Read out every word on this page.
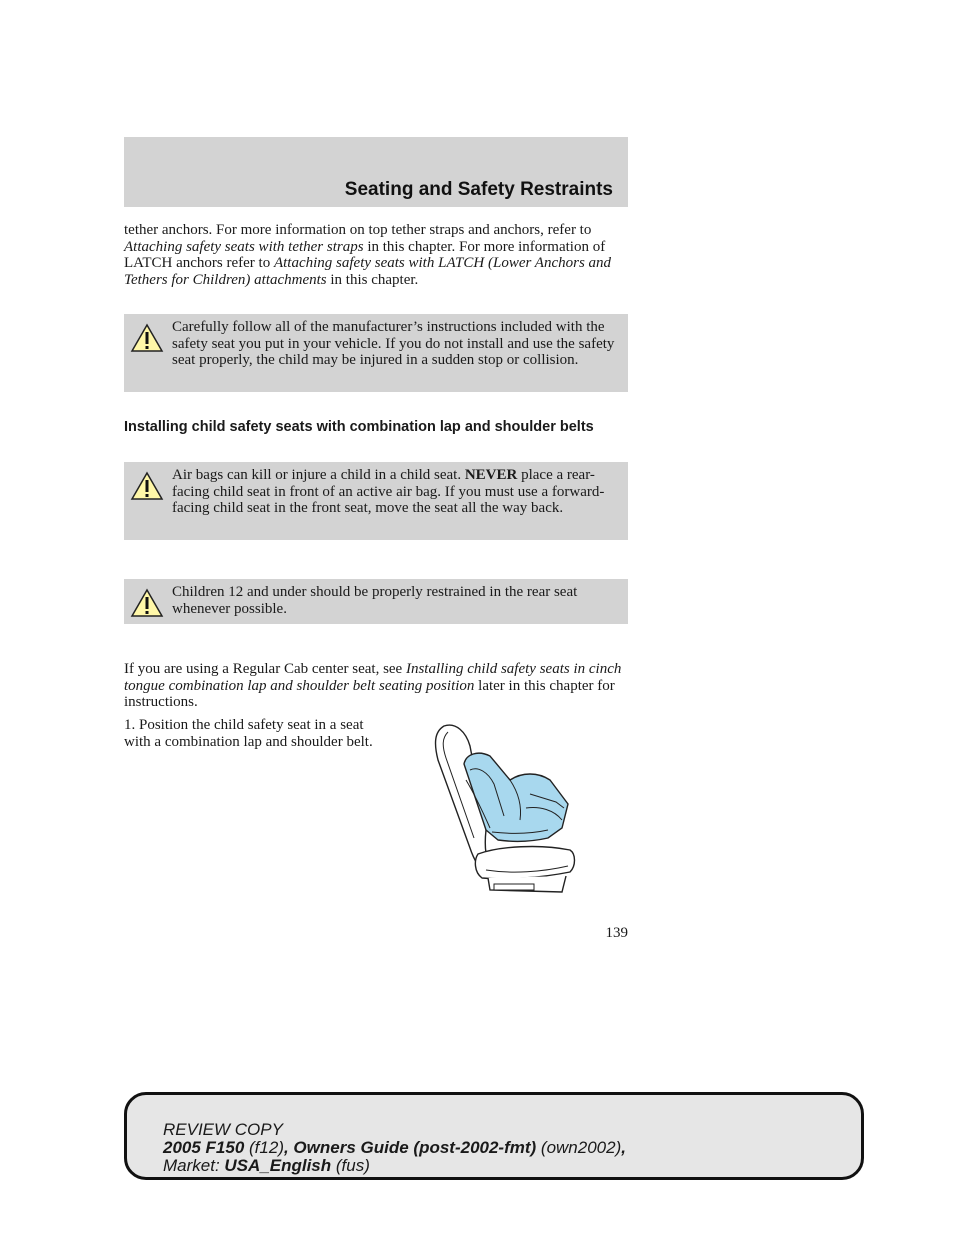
Seating and Safety Restraints

tether anchors. For more information on top tether straps and anchors, refer to Attaching safety seats with tether straps in this chapter. For more information of LATCH anchors refer to Attaching safety seats with LATCH (Lower Anchors and Tethers for Children) attachments in this chapter.

Carefully follow all of the manufacturer’s instructions included with the safety seat you put in your vehicle. If you do not install and use the safety seat properly, the child may be injured in a sudden stop or collision.
Installing child safety seats with combination lap and shoulder belts
Air bags can kill or injure a child in a child seat. NEVER place a rear-facing child seat in front of an active air bag. If you must use a forward-facing child seat in the front seat, move the seat all the way back.
Children 12 and under should be properly restrained in the rear seat whenever possible.

If you are using a Regular Cab center seat, see Installing child safety seats in cinch tongue combination lap and shoulder belt seating position later in this chapter for instructions.

1. Position the child safety seat in a seat with a combination lap and shoulder belt.

139
REVIEW COPY
2005 F150 (f12), Owners Guide (post-2002-fmt) (own2002),
Market: USA_English (fus)
